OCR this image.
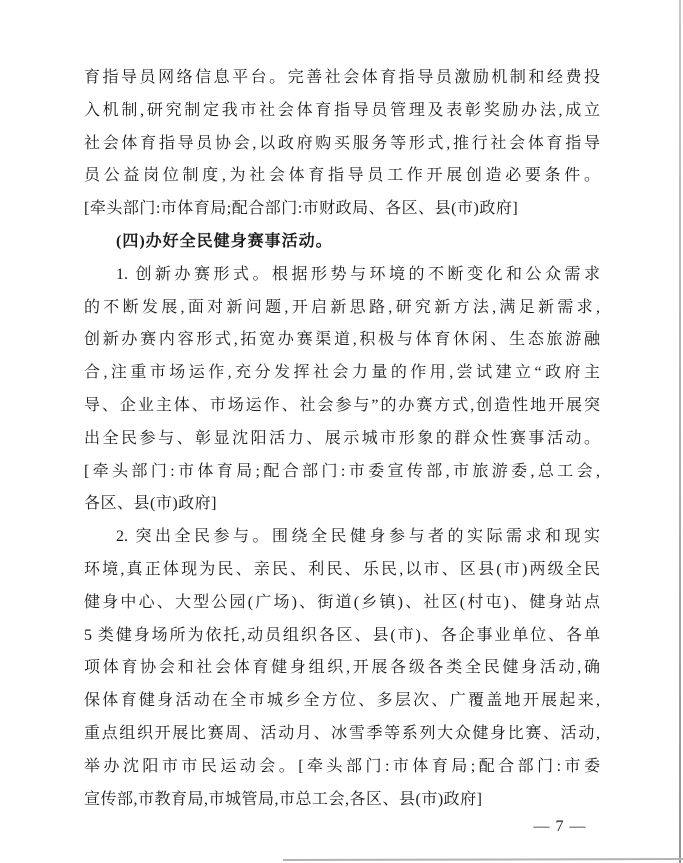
育指导员网络信息平台。完善社会体育指导员激励机制和经费投
入机制,研究制定我市社会体育指导员管理及表彰奖励办法,成立
社会体育指导员协会,以政府购买服务等形式,推行社会体育指导
员公益岗位制度,为社会体育指导员工作开展创造必要条件。
[牵头部门:市体育局;配合部门:市财政局、各区、县(市)政府]
(四)办好全民健身赛事活动。
1. 创新办赛形式。根据形势与环境的不断变化和公众需求
的不断发展,面对新问题,开启新思路,研究新方法,满足新需求,
创新办赛内容形式,拓宽办赛渠道,积极与体育休闲、生态旅游融
合,注重市场运作,充分发挥社会力量的作用,尝试建立“政府主
导、企业主体、市场运作、社会参与”的办赛方式,创造性地开展突
出全民参与、彰显沈阳活力、展示城市形象的群众性赛事活动。
[牵头部门:市体育局;配合部门:市委宣传部,市旅游委,总工会,
各区、县(市)政府]
2. 突出全民参与。围绕全民健身参与者的实际需求和现实
环境,真正体现为民、亲民、利民、乐民,以市、区县(市)两级全民
健身中心、大型公园(广场)、街道(乡镇)、社区(村屯)、健身站点
5 类健身场所为依托,动员组织各区、县(市)、各企事业单位、各单
项体育协会和社会体育健身组织,开展各级各类全民健身活动,确
保体育健身活动在全市城乡全方位、多层次、广覆盖地开展起来,
重点组织开展比赛周、活动月、冰雪季等系列大众健身比赛、活动,
举办沈阳市市民运动会。[牵头部门:市体育局;配合部门:市委
宣传部,市教育局,市城管局,市总工会,各区、县(市)政府]
— 7 —
